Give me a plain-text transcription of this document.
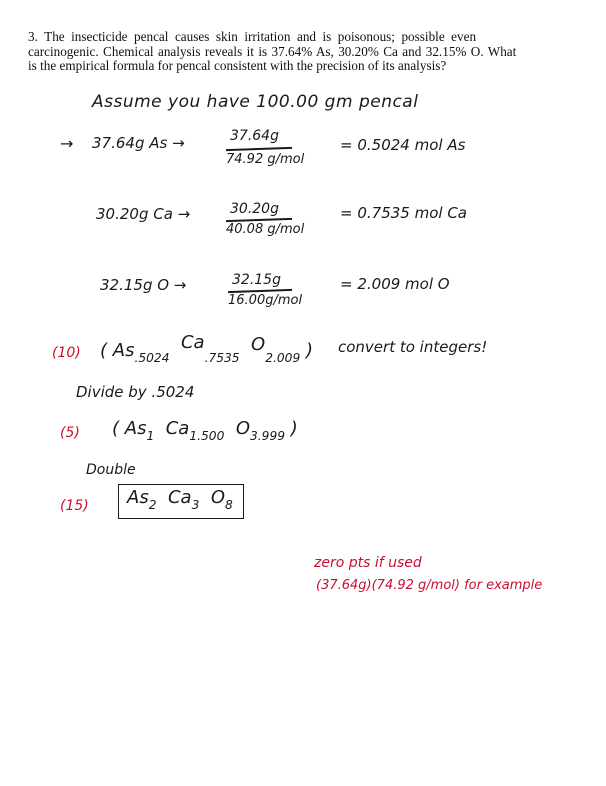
3. The insecticide pencal causes skin irritation and is poisonous; possible even
carcinogenic. Chemical analysis reveals it is 37.64% As, 30.20% Ca and 32.15% O. What
is the empirical formula for pencal consistent with the precision of its analysis?
Assume you have 100.00 gm pencal
→ 37.64g As →	37.64g
74.92 g/mol
= 0.5024 mol As
30.20g Ca →	30.20g
40.08 g/mol
= 0.7535 mol Ca
32.15g O →	32.15g
16.00g/mol
= 2.009 mol O
(10) ( $As_{.5024}$  $Ca_{.7535}$  $O_{2.009}$ ) convert to integers!
Divide by .5024
(5) ( $As_1$ $Ca_{1.500}$ $O_{3.999}$ )
Double
(15)	$As_2$ $Ca_3$ $O_8$
zero pts if used
(37.64g)(74.92 g/mol) for example
